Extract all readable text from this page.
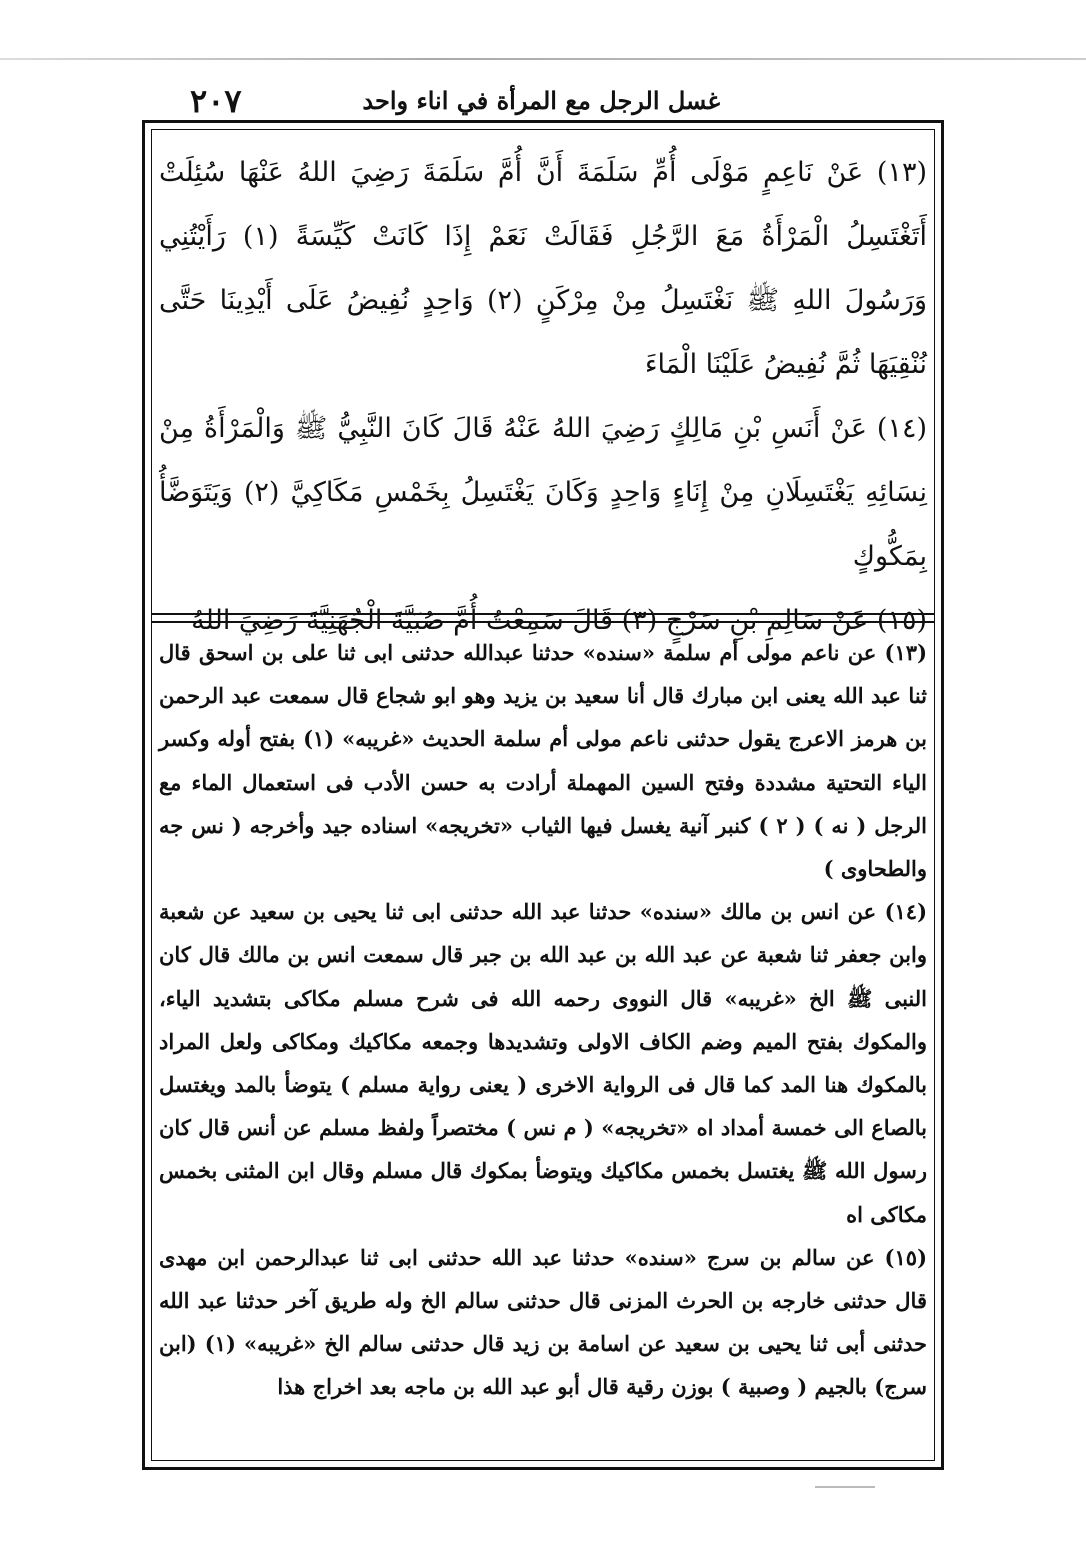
غسل الرجل مع المرأة في اناء واحد
٢٠٧

(١٣) عَنْ نَاعِمٍ مَوْلَى أُمِّ سَلَمَةَ أَنَّ أُمَّ سَلَمَةَ رَضِيَ اللهُ عَنْهَا سُئِلَتْ أَتَغْتَسِلُ الْمَرْأَةُ مَعَ الرَّجُلِ فَقَالَتْ نَعَمْ إِذَا كَانَتْ كَيِّسَةً (١) رَأَيْتُنِي وَرَسُولَ اللهِ ﷺ نَغْتَسِلُ مِنْ مِرْكَنٍ (٢) وَاحِدٍ نُفِيضُ عَلَى أَيْدِينَا حَتَّى نُنْقِيَهَا ثُمَّ نُفِيضُ عَلَيْنَا الْمَاءَ

(١٤) عَنْ أَنَسِ بْنِ مَالِكٍ رَضِيَ اللهُ عَنْهُ قَالَ كَانَ النَّبِيُّ ﷺ وَالْمَرْأَةُ مِنْ نِسَائِهِ يَغْتَسِلَانِ مِنْ إِنَاءٍ وَاحِدٍ وَكَانَ يَغْتَسِلُ بِخَمْسِ مَكَاكِيَّ (٢) وَيَتَوَضَّأُ بِمَكُّوكٍ

(١٥) عَنْ سَالِمِ بْنِ سَرْجٍ (٣) قَالَ سَمِعْتُ أُمَّ صُبَيَّةَ الْجُهَنِيَّةَ رَضِيَ اللهُ

(١٣) عن ناعم مولى أم سلمة «سنده» حدثنا عبدالله حدثنى ابى ثنا على بن اسحق قال ثنا عبد الله يعنى ابن مبارك قال أنا سعيد بن يزيد وهو ابو شجاع قال سمعت عبد الرحمن بن هرمز الاعرج يقول حدثنى ناعم مولى أم سلمة الحديث «غريبه» (١) بفتح أوله وكسر الياء التحتية مشددة وفتح السين المهملة أرادت به حسن الأدب فى استعمال الماء مع الرجل ( نه ) ( ٢ ) كنبر آنية يغسل فيها الثياب «تخريجه» اسناده جيد وأخرجه ( نس جه والطحاوى )

(١٤) عن انس بن مالك «سنده» حدثنا عبد الله حدثنى ابى ثنا يحيى بن سعيد عن شعبة وابن جعفر ثنا شعبة عن عبد الله بن عبد الله بن جبر قال سمعت انس بن مالك قال كان النبى ﷺ الخ «غريبه» قال النووى رحمه الله فى شرح مسلم مكاكى بتشديد الياء، والمكوك بفتح الميم وضم الكاف الاولى وتشديدها وجمعه مكاكيك ومكاكى ولعل المراد بالمكوك هنا المد كما قال فى الرواية الاخرى ( يعنى رواية مسلم ) يتوضأ بالمد ويغتسل بالصاع الى خمسة أمداد اه «تخريجه» ( م نس ) مختصراً ولفظ مسلم عن أنس قال كان رسول الله ﷺ يغتسل بخمس مكاكيك ويتوضأ بمكوك قال مسلم وقال ابن المثنى بخمس مكاكى اه

(١٥) عن سالم بن سرج «سنده» حدثنا عبد الله حدثنى ابى ثنا عبدالرحمن ابن مهدى قال حدثنى خارجه بن الحرث المزنى قال حدثنى سالم الخ وله طريق آخر حدثنا عبد الله حدثنى أبى ثنا يحيى بن سعيد عن اسامة بن زيد قال حدثنى سالم الخ «غريبه» (١) (ابن سرج) بالجيم ( وصبية ) بوزن رقية قال أبو عبد الله بن ماجه بعد اخراج هذا
